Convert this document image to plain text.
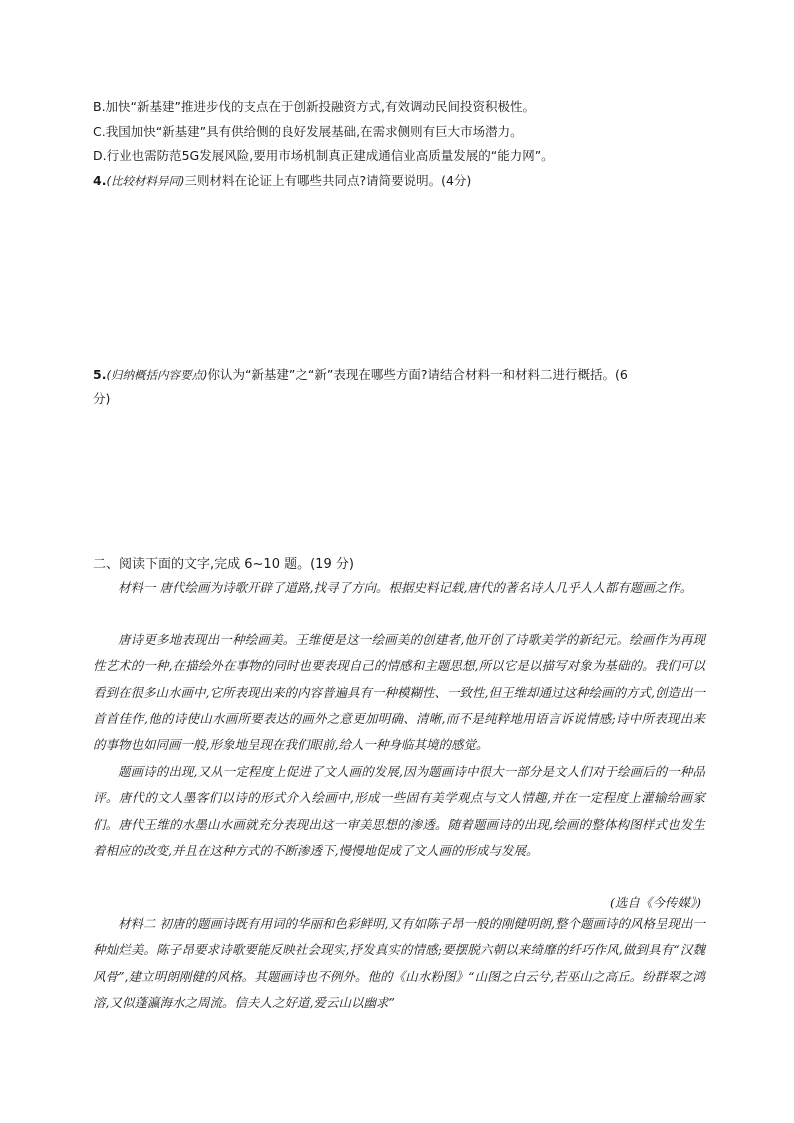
B.加快“新基建”推进步伐的支点在于创新投融资方式,有效调动民间投资积极性。
C.我国加快“新基建”具有供给侧的良好发展基础,在需求侧则有巨大市场潜力。
D.行业也需防范5G发展风险,要用市场机制真正建成通信业高质量发展的“能力网”。
4.(比较材料异同)三则材料在论证上有哪些共同点?请简要说明。(4分)
5.(归纳概括内容要点)你认为“新基建”之“新”表现在哪些方面?请结合材料一和材料二进行概括。(6
分)
二、阅读下面的文字,完成 6~10 题。(19 分)

材料一 唐代绘画为诗歌开辟了道路,找寻了方向。根据史料记载,唐代的著名诗人几乎人人都有题画之作。

唐诗更多地表现出一种绘画美。王维便是这一绘画美的创建者,他开创了诗歌美学的新纪元。绘画作为再现性艺术的一种,在描绘外在事物的同时也要表现自己的情感和主题思想,所以它是以描写对象为基础的。我们可以看到在很多山水画中,它所表现出来的内容普遍具有一种模糊性、一致性,但王维却通过这种绘画的方式,创造出一首首佳作,他的诗使山水画所要表达的画外之意更加明确、清晰,而不是纯粹地用语言诉说情感;诗中所表现出来的事物也如同画一般,形象地呈现在我们眼前,给人一种身临其境的感觉。

题画诗的出现,又从一定程度上促进了文人画的发展,因为题画诗中很大一部分是文人们对于绘画后的一种品评。唐代的文人墨客们以诗的形式介入绘画中,形成一些固有美学观点与文人情趣,并在一定程度上灌输给画家们。唐代王维的水墨山水画就充分表现出这一审美思想的渗透。随着题画诗的出现,绘画的整体构图样式也发生着相应的改变,并且在这种方式的不断渗透下,慢慢地促成了文人画的形成与发展。

(选自《今传媒》)

材料二 初唐的题画诗既有用词的华丽和色彩鲜明,又有如陈子昂一般的刚健明朗,整个题画诗的风格呈现出一种灿烂美。陈子昂要求诗歌要能反映社会现实,抒发真实的情感;要摆脱六朝以来绮靡的纤巧作风,做到具有“汉魏风骨”,建立明朗刚健的风格。其题画诗也不例外。他的《山水粉图》“山图之白云兮,若巫山之高丘。纷群翠之鸿溶,又似蓬瀛海水之周流。信夫人之好道,爱云山以幽求”
